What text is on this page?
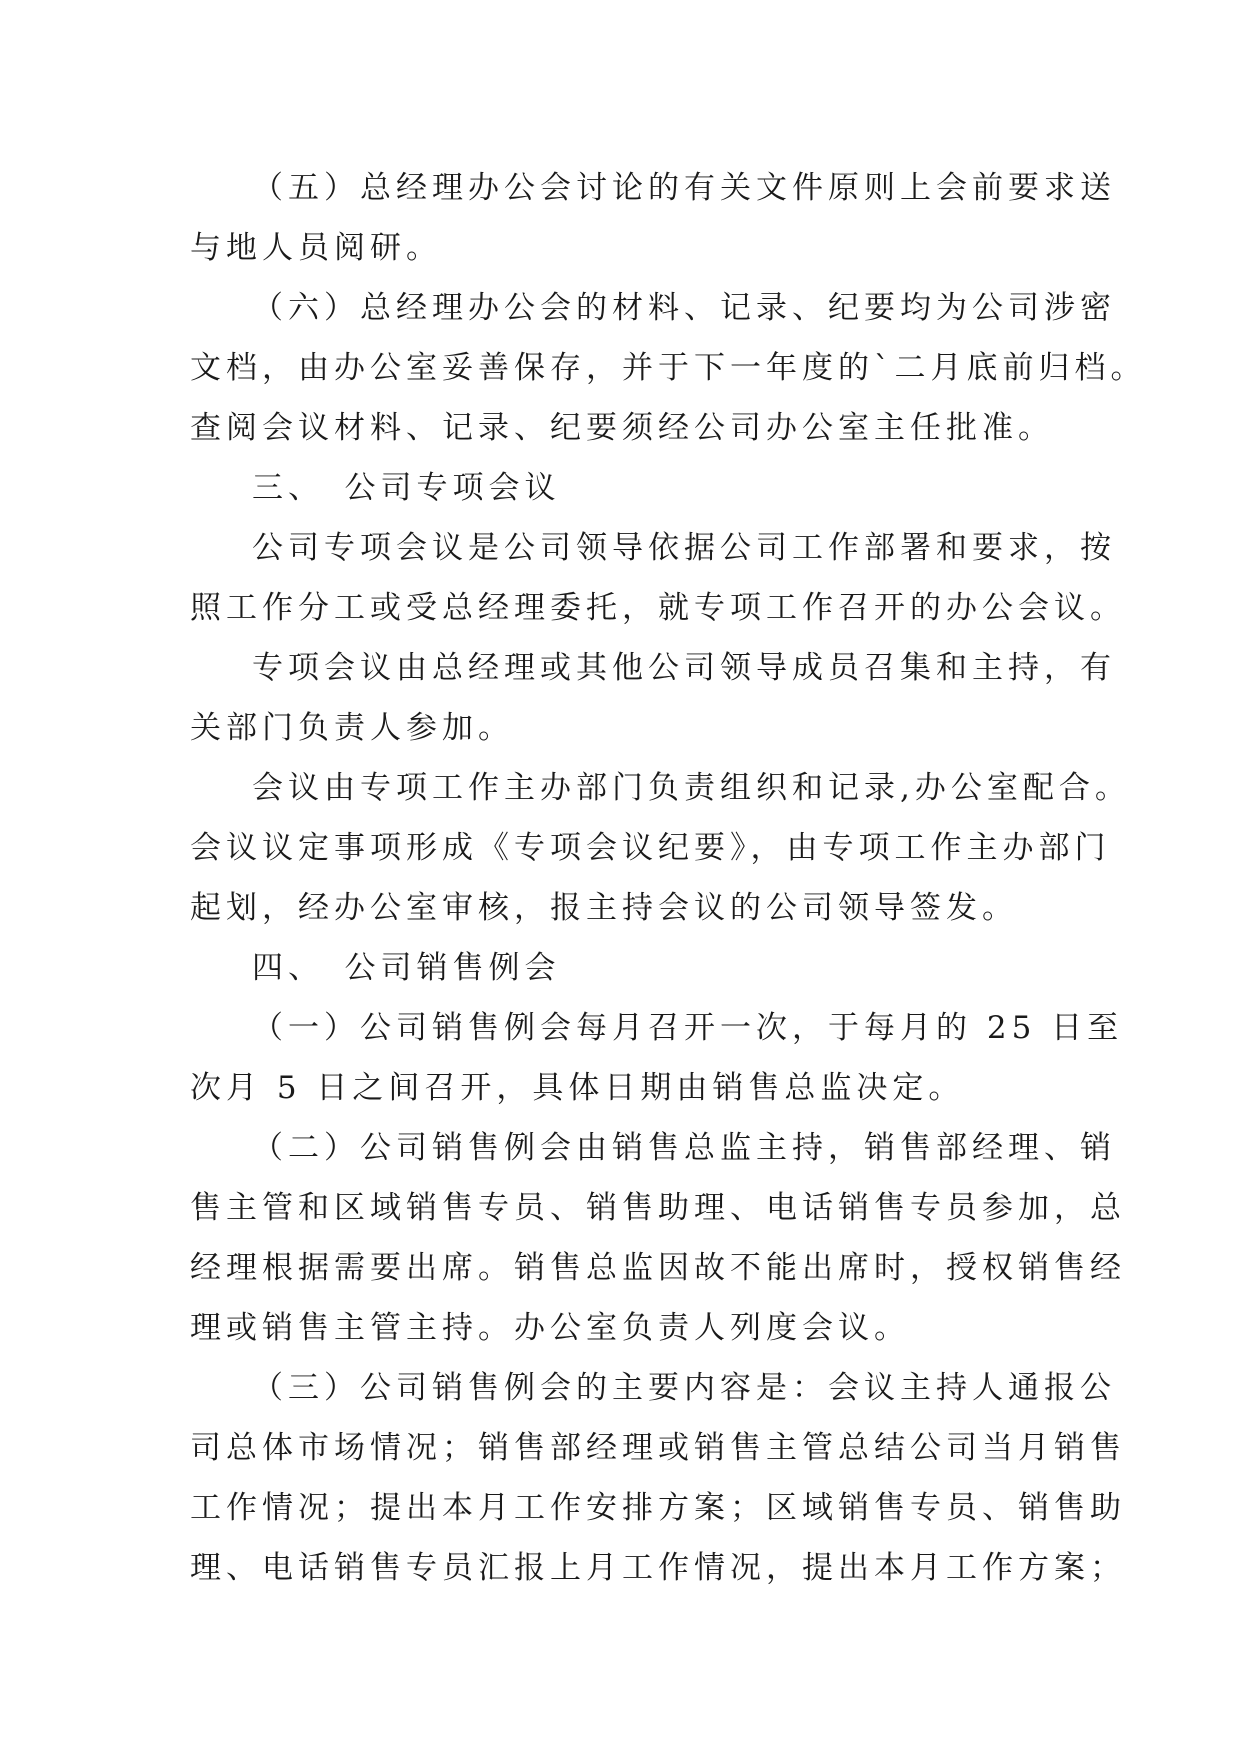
（五）总经理办公会讨论的有关文件原则上会前要求送
与地人员阅研。

（六）总经理办公会的材料、记录、纪要均为公司涉密
文档，由办公室妥善保存，并于下一年度的`二月底前归档。
查阅会议材料、记录、纪要须经公司办公室主任批准。

三、　公司专项会议

公司专项会议是公司领导依据公司工作部署和要求，按
照工作分工或受总经理委托，就专项工作召开的办公会议。

专项会议由总经理或其他公司领导成员召集和主持，有
关部门负责人参加。

会议由专项工作主办部门负责组织和记录,办公室配合。
会议议定事项形成《专项会议纪要》，由专项工作主办部门
起划，经办公室审核，报主持会议的公司领导签发。

四、　公司销售例会

（一）公司销售例会每月召开一次，于每月的 25 日至
次月 5 日之间召开，具体日期由销售总监决定。

（二）公司销售例会由销售总监主持，销售部经理、销
售主管和区域销售专员、销售助理、电话销售专员参加，总
经理根据需要出席。销售总监因故不能出席时，授权销售经
理或销售主管主持。办公室负责人列度会议。

（三）公司销售例会的主要内容是：会议主持人通报公
司总体市场情况；销售部经理或销售主管总结公司当月销售
工作情况；提出本月工作安排方案；区域销售专员、销售助
理、电话销售专员汇报上月工作情况，提出本月工作方案；
